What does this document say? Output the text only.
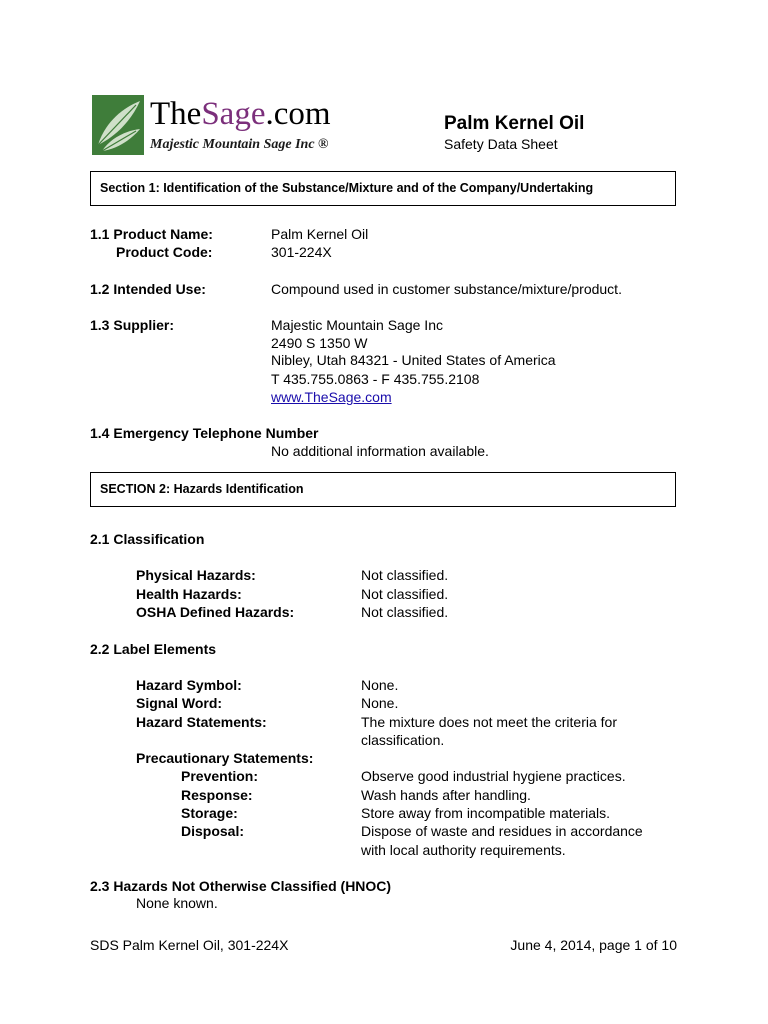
TheSage.com
Majestic Mountain Sage Inc ®
Palm Kernel Oil
Safety Data Sheet
Section 1: Identification of the Substance/Mixture and of the Company/Undertaking
1.1 Product Name:	Palm Kernel Oil
Product Code:	301-224X
1.2 Intended Use:	Compound used in customer substance/mixture/product.
1.3 Supplier:	Majestic Mountain Sage Inc
2490 S 1350 W
Nibley, Utah 84321 - United States of America
T 435.755.0863 - F 435.755.2108
www.TheSage.com
1.4 Emergency Telephone Number
No additional information available.
SECTION 2: Hazards Identification
2.1 Classification
Physical Hazards:	Not classified.
Health Hazards:	Not classified.
OSHA Defined Hazards:	Not classified.
2.2 Label Elements
Hazard Symbol:	None.
Signal Word:	None.
Hazard Statements:	The mixture does not meet the criteria for
classification.
Precautionary Statements:
Prevention:	Observe good industrial hygiene practices.
Response:	Wash hands after handling.
Storage:	Store away from incompatible materials.
Disposal:	Dispose of waste and residues in accordance
with local authority requirements.
2.3 Hazards Not Otherwise Classified (HNOC)
None known.
SDS Palm Kernel Oil, 301-224X	June 4, 2014, page 1 of 10
